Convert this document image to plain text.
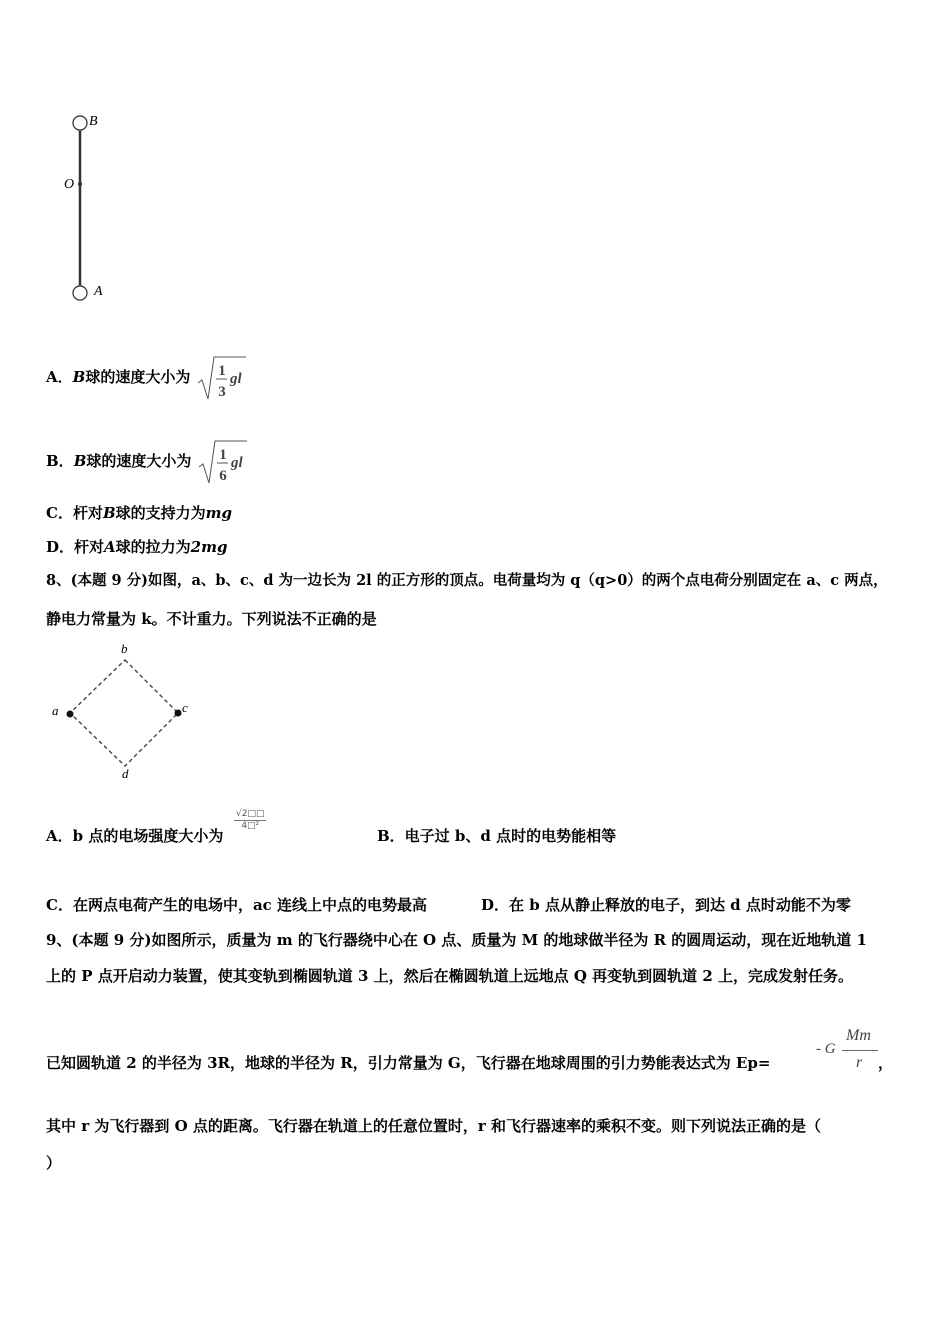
B
O
A
A．B球的速度大小为 1
3
gl
B．B球的速度大小为 1
6
gl
C．杆对B球的支持力为mg
D．杆对A球的拉力为2mg
8、(本题 9 分)如图，a、b、c、d 为一边长为 2l 的正方形的顶点。电荷量均为 q（q>0）的两个点电荷分别固定在 a、c 两点，
静电力常量为 k。不计重力。下列说法不正确的是
b
a	c
d
A．b 点的电场强度大小为
$\frac{√2□□}{\text{4□²}}$
B．电子过 b、d 点时的电势能相等
C．在两点电荷产生的电场中，ac 连线上中点的电势最高	D．在 b 点从静止释放的电子，到达 d 点时动能不为零
9、(本题 9 分)如图所示，质量为 m 的飞行器绕中心在 O 点、质量为 M 的地球做半径为 R 的圆周运动，现在近地轨道 1
上的 P 点开启动力装置，使其变轨到椭圆轨道 3 上，然后在椭圆轨道上远地点 Q 再变轨到圆轨道 2 上，完成发射任务。
已知圆轨道 2 的半径为 3R，地球的半径为 R，引力常量为 G，飞行器在地球周围的引力势能表达式为 Ep=
- G
Mm
r ，
其中 r 为飞行器到 O 点的距离。飞行器在轨道上的任意位置时，r 和飞行器速率的乘积不变。则下列说法正确的是（
）
